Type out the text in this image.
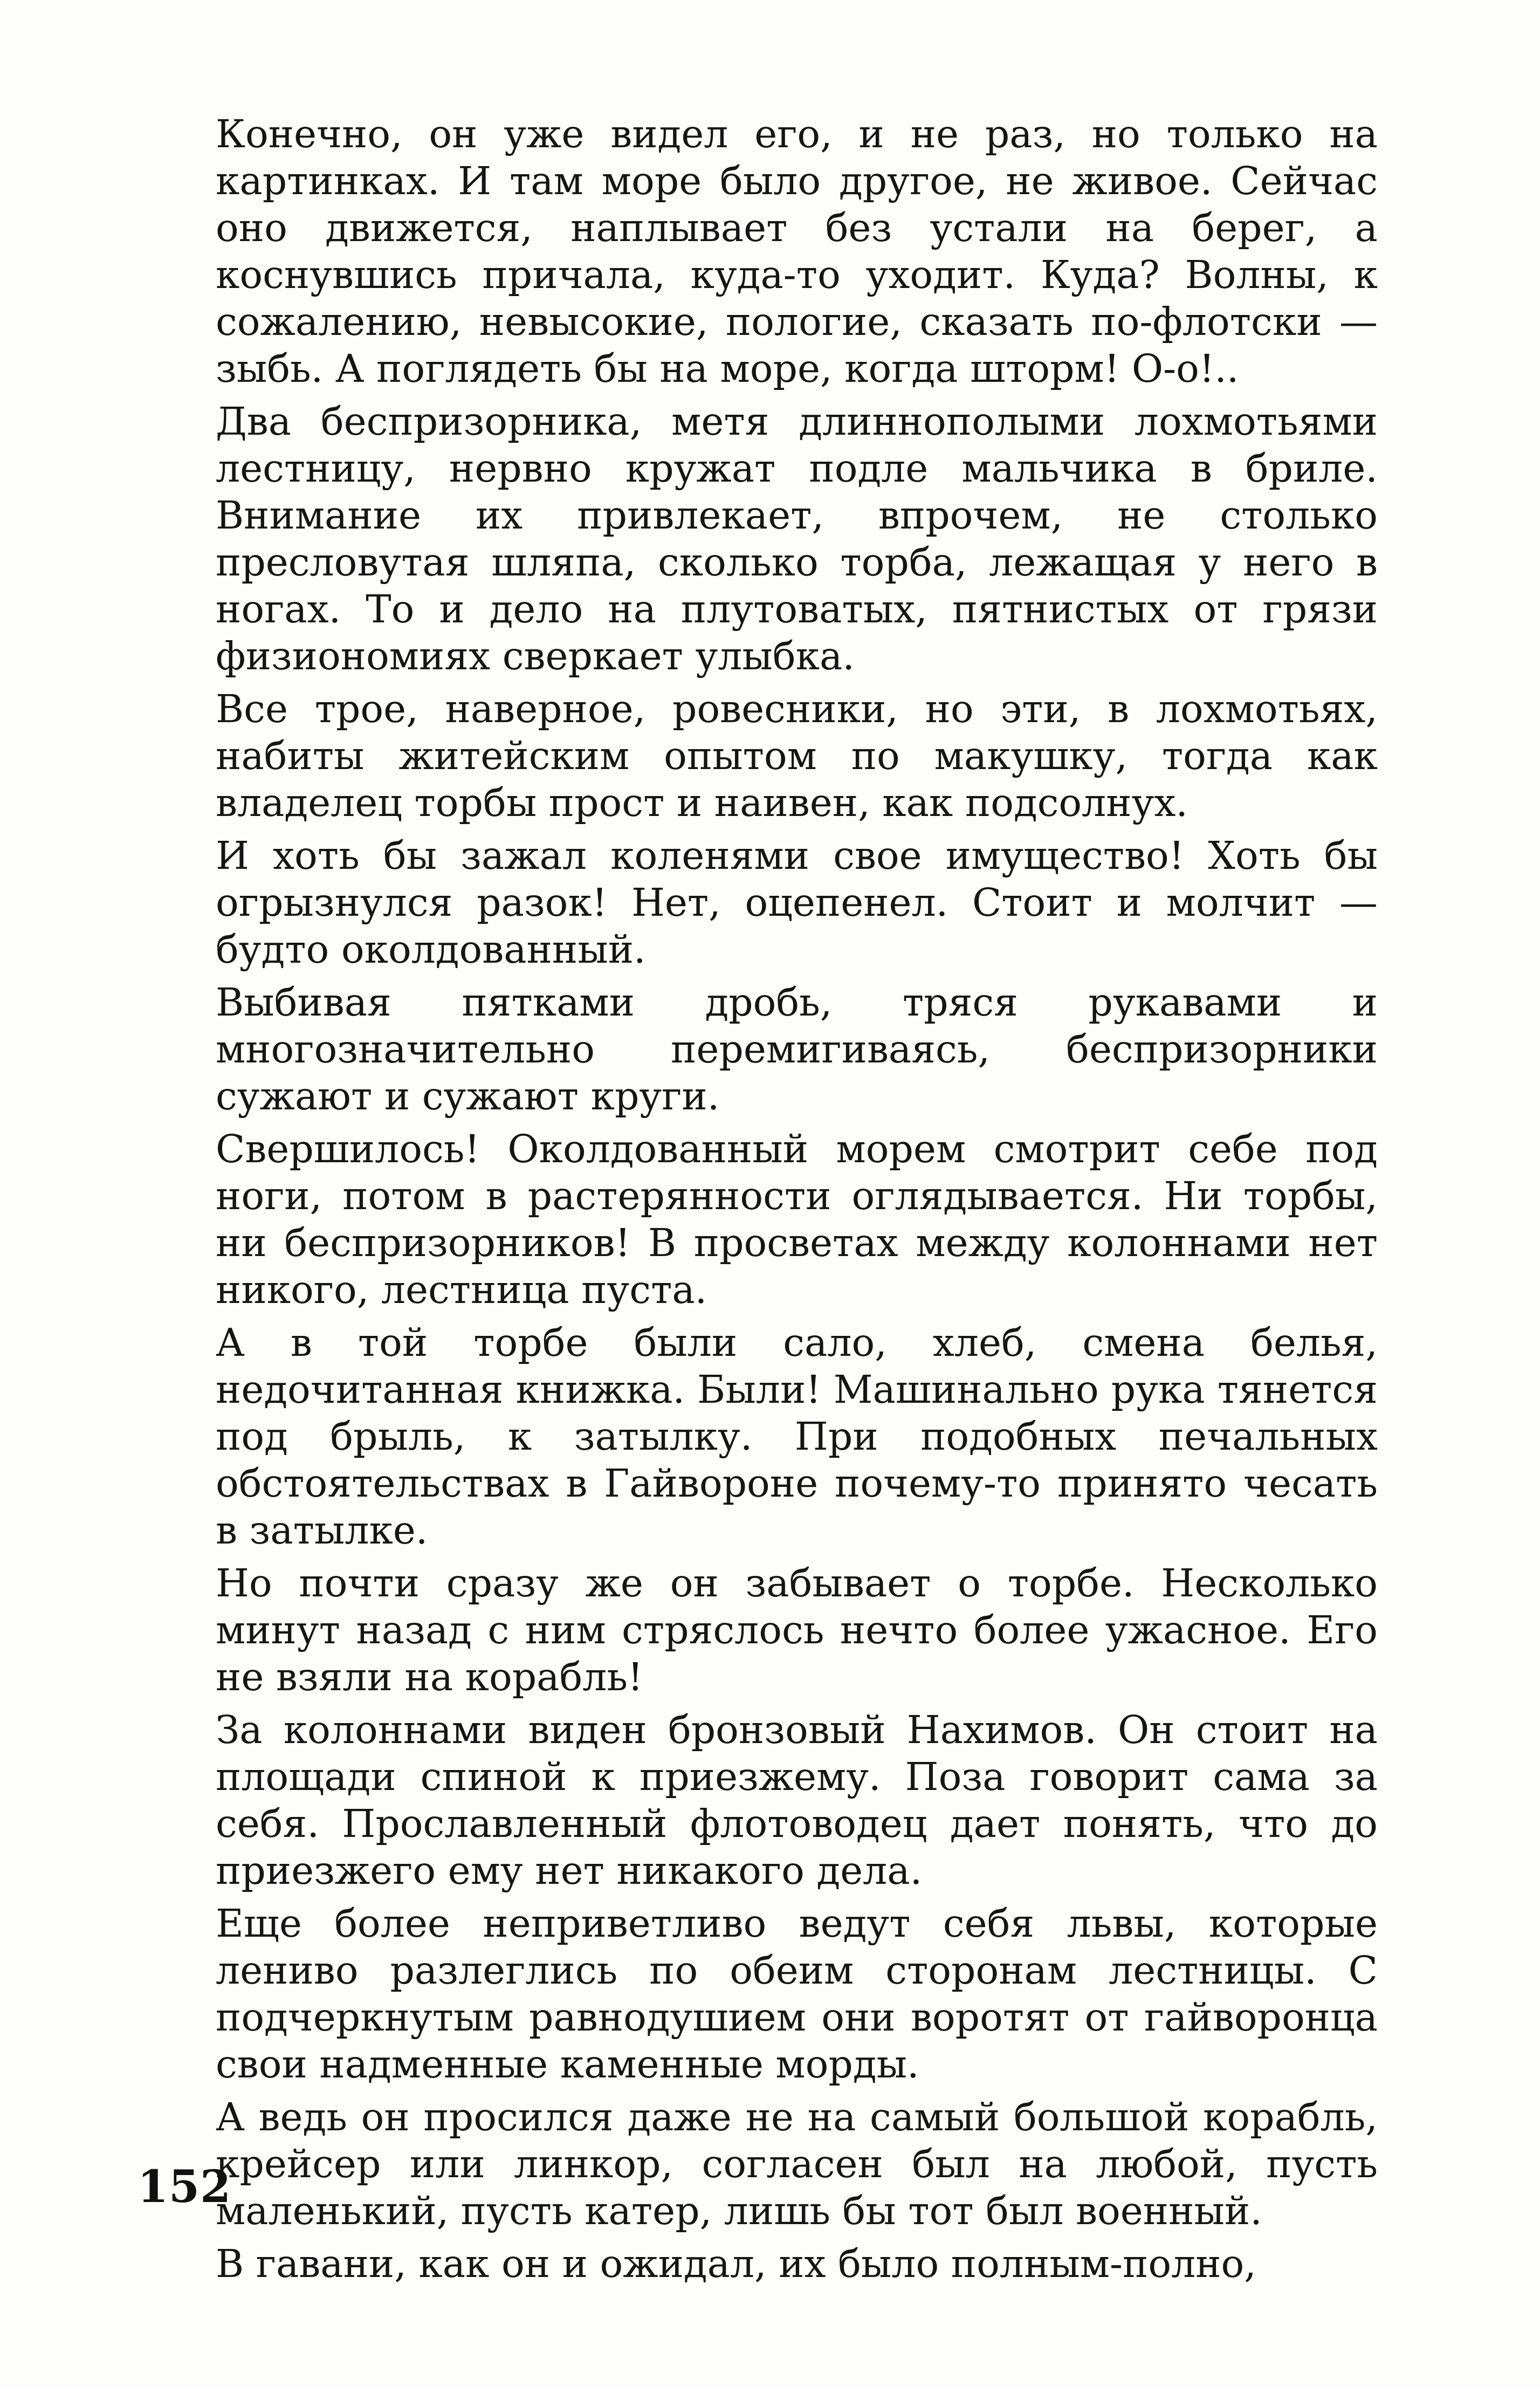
Конечно, он уже видел его, и не раз, но только на картинках. И там море было другое, не живое. Сейчас оно движется, наплывает без устали на берег, а коснувшись причала, куда-то уходит. Куда? Волны, к сожалению, невысокие, пологие, сказать по-флотски — зыбь. А поглядеть бы на море, когда шторм! О-о!..

Два беспризорника, метя длиннополыми лохмотьями лестницу, нервно кружат подле мальчика в бриле. Внимание их привлекает, впрочем, не столько пресловутая шляпа, сколько торба, лежащая у него в ногах. То и дело на плутоватых, пятнистых от грязи физиономиях сверкает улыбка.

Все трое, наверное, ровесники, но эти, в лохмотьях, набиты житейским опытом по макушку, тогда как владелец торбы прост и наивен, как подсолнух.

И хоть бы зажал коленями свое имущество! Хоть бы огрызнулся разок! Нет, оцепенел. Стоит и молчит — будто околдованный.

Выбивая пятками дробь, тряся рукавами и многозначительно перемигиваясь, беспризорники сужают и сужают круги.

Свершилось! Околдованный морем смотрит себе под ноги, потом в растерянности оглядывается. Ни торбы, ни беспризорников! В просветах между колоннами нет никого, лестница пуста.

А в той торбе были сало, хлеб, смена белья, недочитанная книжка. Были! Машинально рука тянется под брыль, к затылку. При подобных печальных обстоятельствах в Гайвороне почему-то принято чесать в затылке.

Но почти сразу же он забывает о торбе. Несколько минут назад с ним стряслось нечто более ужасное. Его не взяли на корабль!

За колоннами виден бронзовый Нахимов. Он стоит на площади спиной к приезжему. Поза говорит сама за себя. Прославленный флотоводец дает понять, что до приезжего ему нет никакого дела.

Еще более неприветливо ведут себя львы, которые лениво разлеглись по обеим сторонам лестницы. С подчеркнутым равнодушием они воротят от гайворонца свои надменные каменные морды.

А ведь он просился даже не на самый большой корабль, крейсер или линкор, согласен был на любой, пусть маленький, пусть катер, лишь бы тот был военный.

В гавани, как он и ожидал, их было полным-полно,

152
